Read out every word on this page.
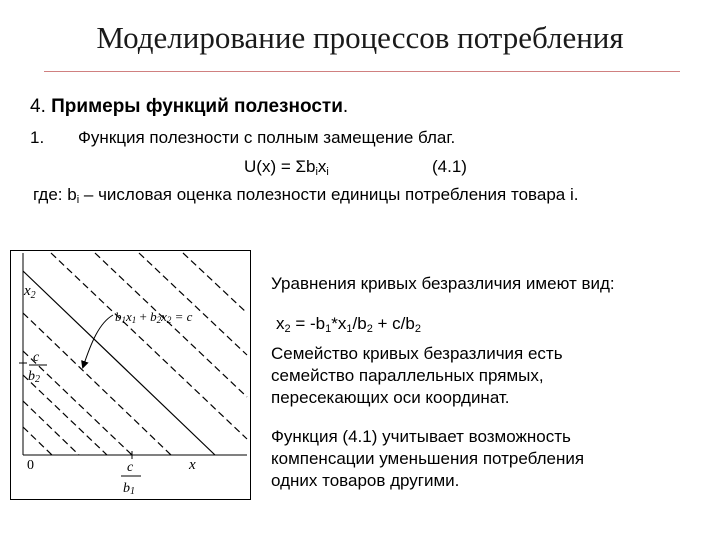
Моделирование процессов потребления
4. Примеры функций полезности.
1. Функция полезности с полным замещение благ.
$U(x) = \Sigma b_ix_i$	(4.1)
где: $b_i$ – числовая оценка полезности единицы потребления товара i.
$x_2$
x
0
c
b2
c
b1
b1x1 + b2x2 = c
Уравнения кривых безразличия имеют вид:
$x_2 = -b_1*x_1/b_2 + c/b_2$
Семейство кривых безразличия есть
семейство параллельных прямых,
пересекающих оси координат.
Функция (4.1) учитывает возможность
компенсации уменьшения потребления
одних товаров другими.
